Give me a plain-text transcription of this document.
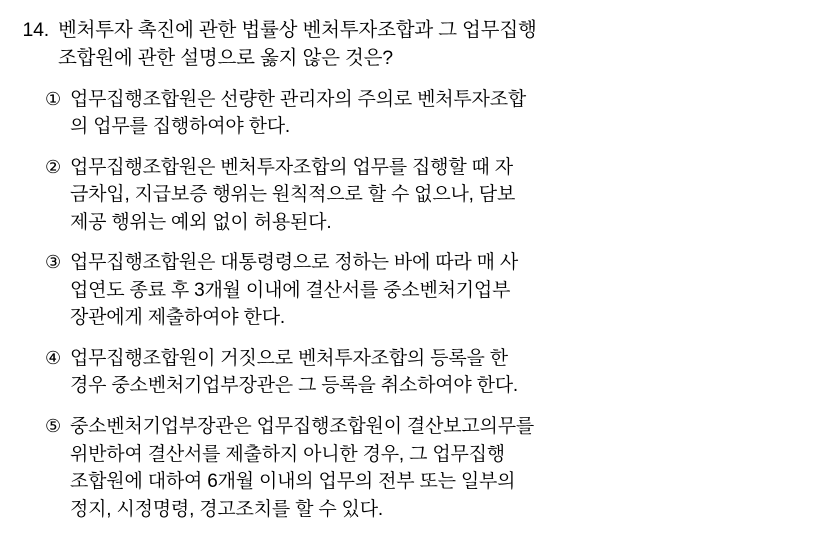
14. 벤처투자 촉진에 관한 법률상 벤처투자조합과 그 업무집행
조합원에 관한 설명으로 옳지 않은 것은?
① 업무집행조합원은 선량한 관리자의 주의로 벤처투자조합
의 업무를 집행하여야 한다.
② 업무집행조합원은 벤처투자조합의 업무를 집행할 때 자
금차입, 지급보증 행위는 원칙적으로 할 수 없으나, 담보
제공 행위는 예외 없이 허용된다.
③ 업무집행조합원은 대통령령으로 정하는 바에 따라 매 사
업연도 종료 후 3개월 이내에 결산서를 중소벤처기업부
장관에게 제출하여야 한다.
④ 업무집행조합원이 거짓으로 벤처투자조합의 등록을 한
경우 중소벤처기업부장관은 그 등록을 취소하여야 한다.
⑤ 중소벤처기업부장관은 업무집행조합원이 결산보고의무를
위반하여 결산서를 제출하지 아니한 경우, 그 업무집행
조합원에 대하여 6개월 이내의 업무의 전부 또는 일부의
정지, 시정명령, 경고조치를 할 수 있다.
